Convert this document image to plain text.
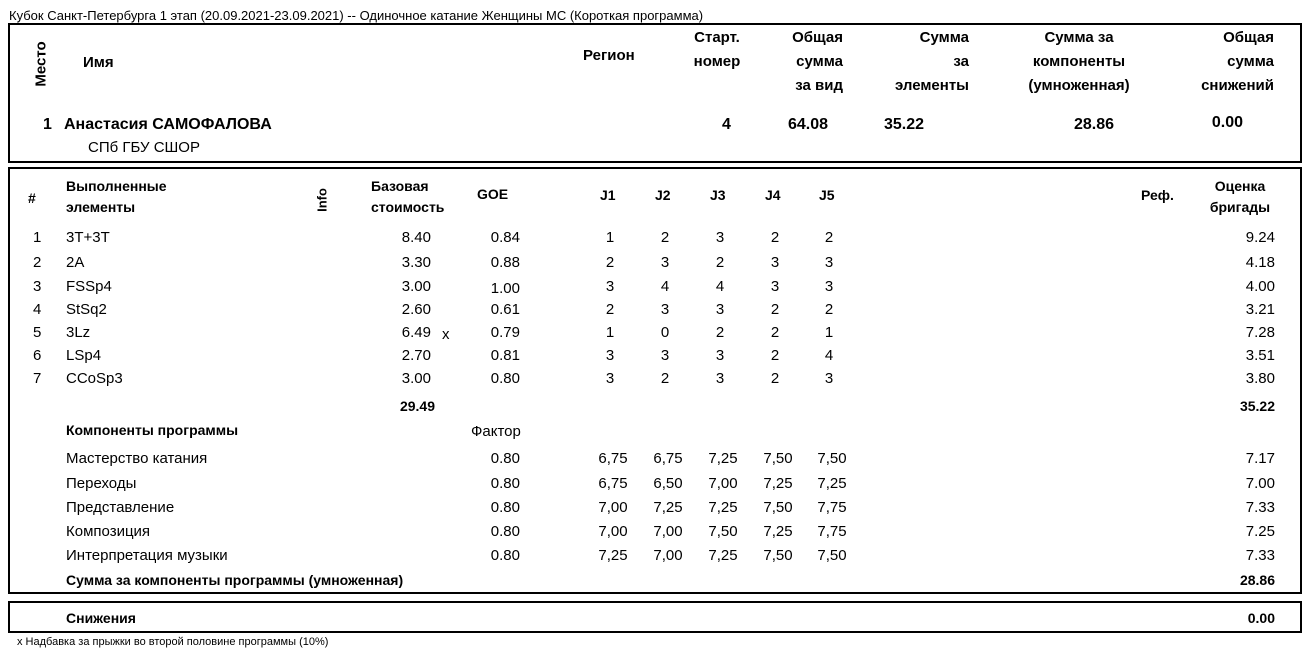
Кубок Санкт-Петербурга 1 этап (20.09.2021-23.09.2021) -- Одиночное катание Женщины МС (Короткая программа)
Место Имя	Регион
Старт.
номер
Общая
сумма
за вид
Сумма
за
элементы
Сумма за
компоненты
(умноженная)
Общая
сумма
снижений
1 Анастасия САМОФАЛОВА
СПб ГБУ СШОР
4	64.08	35.22	28.86	0.00
#
Выполненные
элементы	Info
Базовая
стоимость
GOE	J1	J2	J3	J4	J5	Реф.
Оценка
бригады
1 3T+3T	8.40	0.84	1	2	3	2	2	9.24
2 2A	3.30	0.88	2	3	2	3	3	4.18
3 FSSp4	3.00	1.00	3	4	4	3	3	4.00
4 StSq2	2.60	0.61	2	3	3	2	2	3.21
5 3Lz	6.49 x	0.79	1	0	2	2	1	7.28
6 LSp4	2.70	0.81	3	3	3	2	4	3.51
7 CCoSp3	3.00	0.80	3	2	3	2	3	3.80
29.49	35.22
Компоненты программы	Фактор
Мастерство катания	0.80	6,75 6,75 7,25 7,50 7,50	7.17
Переходы	0.80	6,75 6,50 7,00 7,25 7,25	7.00
Представление	0.80	7,00 7,25 7,25 7,50 7,75	7.33
Композиция	0.80	7,00 7,00 7,50 7,25 7,75	7.25
Интерпретация музыки	0.80	7,25 7,00 7,25 7,50 7,50	7.33
Сумма за компоненты программы (умноженная)	28.86
Снижения	0.00
x Надбавка за прыжки во второй половине программы (10%)
